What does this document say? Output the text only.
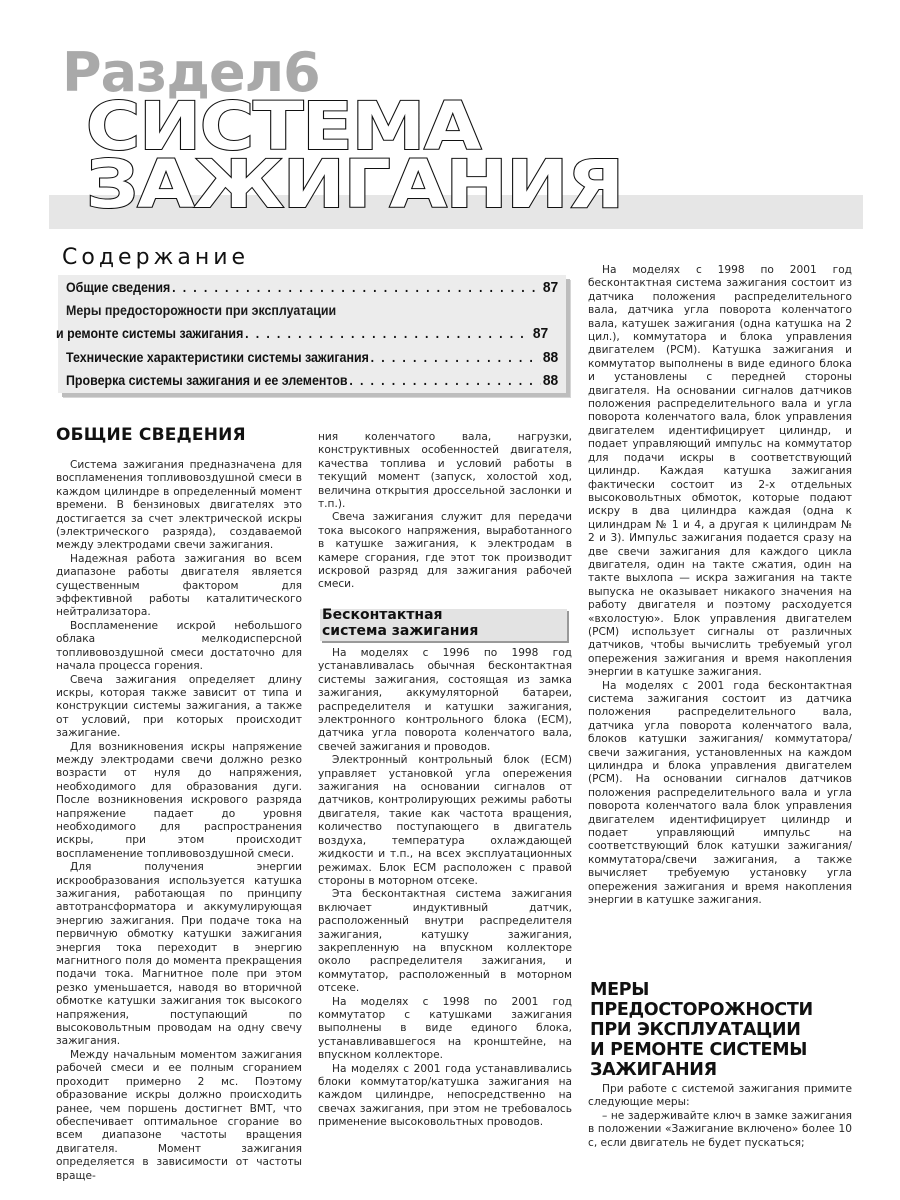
Раздел6
СИСТЕМА
ЗАЖИГАНИЯ
Содержание
Общие сведения . . .	87
Меры предосторожности при эксплуатации
и ремонте системы зажигания . . .	87
Технические характеристики системы зажигания . . .	88
Проверка системы зажигания и ее элементов . . .	88
ОБЩИЕ СВЕДЕНИЯ

Система зажигания предназначена для воспламенения топливовоздушной смеси в каждом цилиндре в определенный момент времени. В бензиновых двигателях это достигается за счет электрической искры (электрического разряда), создаваемой между электродами свечи зажигания.

Надежная работа зажигания во всем диапазоне работы двигателя является существенным фактором для эффективной работы каталитического нейтрализатора.

Воспламенение искрой небольшого облака мелкодисперсной топливовоздушной смеси достаточно для начала процесса горения.

Свеча зажигания определяет длину искры, которая также зависит от типа и конструкции системы зажигания, а также от условий, при которых происходит зажигание.

Для возникновения искры напряжение между электродами свечи должно резко возрасти от нуля до напряжения, необходимого для образования дуги. После возникновения искрового разряда напряжение падает до уровня необходимого для распространения искры, при этом происходит воспламенение топливовоздушной смеси.

Для получения энергии искрообразования используется катушка зажигания, работающая по принципу автотрансформатора и аккумулирующая энергию зажигания. При подаче тока на первичную обмотку катушки зажигания энергия тока переходит в энергию магнитного поля до момента прекращения подачи тока. Магнитное поле при этом резко уменьшается, наводя во вторичной обмотке катушки зажигания ток высокого напряжения, поступающий по высоковольтным проводам на одну свечу зажигания.

Между начальным моментом зажигания рабочей смеси и ее полным сгоранием проходит примерно 2 мс. Поэтому образование искры должно происходить ранее, чем поршень достигнет ВМТ, что обеспечивает оптимальное сгорание во всем диапазоне частоты вращения двигателя. Момент зажигания определяется в зависимости от частоты враще-

ния коленчатого вала, нагрузки, конструктивных особенностей двигателя, качества топлива и условий работы в текущий момент (запуск, холостой ход, величина открытия дроссельной заслонки и т.п.).

Свеча зажигания служит для передачи тока высокого напряжения, выработанного в катушке зажигания, к электродам в камере сгорания, где этот ток производит искровой разряд для зажигания рабочей смеси.

Бесконтактная
система зажигания

На моделях с 1996 по 1998 год устанавливалась обычная бесконтактная системы зажигания, состоящая из замка зажигания, аккумуляторной батареи, распределителя и катушки зажигания, электронного контрольного блока (ECM), датчика угла поворота коленчатого вала, свечей зажигания и проводов.

Электронный контрольный блок (ECM) управляет установкой угла опережения зажигания на основании сигналов от датчиков, контролирующих режимы работы двигателя, такие как частота вращения, количество поступающего в двигатель воздуха, температура охлаждающей жидкости и т.п., на всех эксплуатационных режимах. Блок ECM расположен с правой стороны в моторном отсеке.

Эта бесконтактная система зажигания включает индуктивный датчик, расположенный внутри распределителя зажигания, катушку зажигания, закрепленную на впускном коллекторе около распределителя зажигания, и коммутатор, расположенный в моторном отсеке.

На моделях с 1998 по 2001 год коммутатор с катушками зажигания выполнены в виде единого блока, устанавливавшегося на кронштейне, на впускном коллекторе.

На моделях с 2001 года устанавливались блоки коммутатор/катушка зажигания на каждом цилиндре, непосредственно на свечах зажигания, при этом не требовалось применение высоковольтных проводов.

На моделях с 1998 по 2001 год бесконтактная система зажигания состоит из датчика положения распределительного вала, датчика угла поворота коленчатого вала, катушек зажигания (одна катушка на 2 цил.), коммутатора и блока управления двигателем (PCM). Катушка зажигания и коммутатор выполнены в виде единого блока и установлены с передней стороны двигателя. На основании сигналов датчиков положения распределительного вала и угла поворота коленчатого вала, блок управления двигателем идентифицирует цилиндр, и подает управляющий импульс на коммутатор для подачи искры в соответствующий цилиндр. Каждая катушка зажигания фактически состоит из 2-х отдельных высоковольтных обмоток, которые подают искру в два цилиндра каждая (одна к цилиндрам № 1 и 4, а другая к цилиндрам № 2 и 3). Импульс зажигания подается сразу на две свечи зажигания для каждого цикла двигателя, один на такте сжатия, один на такте выхлопа — искра зажигания на такте выпуска не оказывает никакого значения на работу двигателя и поэтому расходуется «вхолостую». Блок управления двигателем (PCM) использует сигналы от различных датчиков, чтобы вычислить требуемый угол опережения зажигания и время накопления энергии в катушке зажигания.

На моделях с 2001 года бесконтактная система зажигания состоит из датчика положения распределительного вала, датчика угла поворота коленчатого вала, блоков катушки зажигания/ коммутатора/ свечи зажигания, установленных на каждом цилиндра и блока управления двигателем (PCM). На основании сигналов датчиков положения распределительного вала и угла поворота коленчатого вала блок управления двигателем идентифицирует цилиндр и подает управляющий импульс на соответствующий блок катушки зажигания/коммутатора/свечи зажигания, а также вычисляет требуемую установку угла опережения зажигания и время накопления энергии в катушке зажигания.

МЕРЫ
ПРЕДОСТОРОЖНОСТИ
ПРИ ЭКСПЛУАТАЦИИ
И РЕМОНТЕ СИСТЕМЫ
ЗАЖИГАНИЯ

При работе с системой зажигания примите следующие меры:

– не задерживайте ключ в замке зажигания в положении «Зажигание включено» более 10 с, если двигатель не будет пускаться;
